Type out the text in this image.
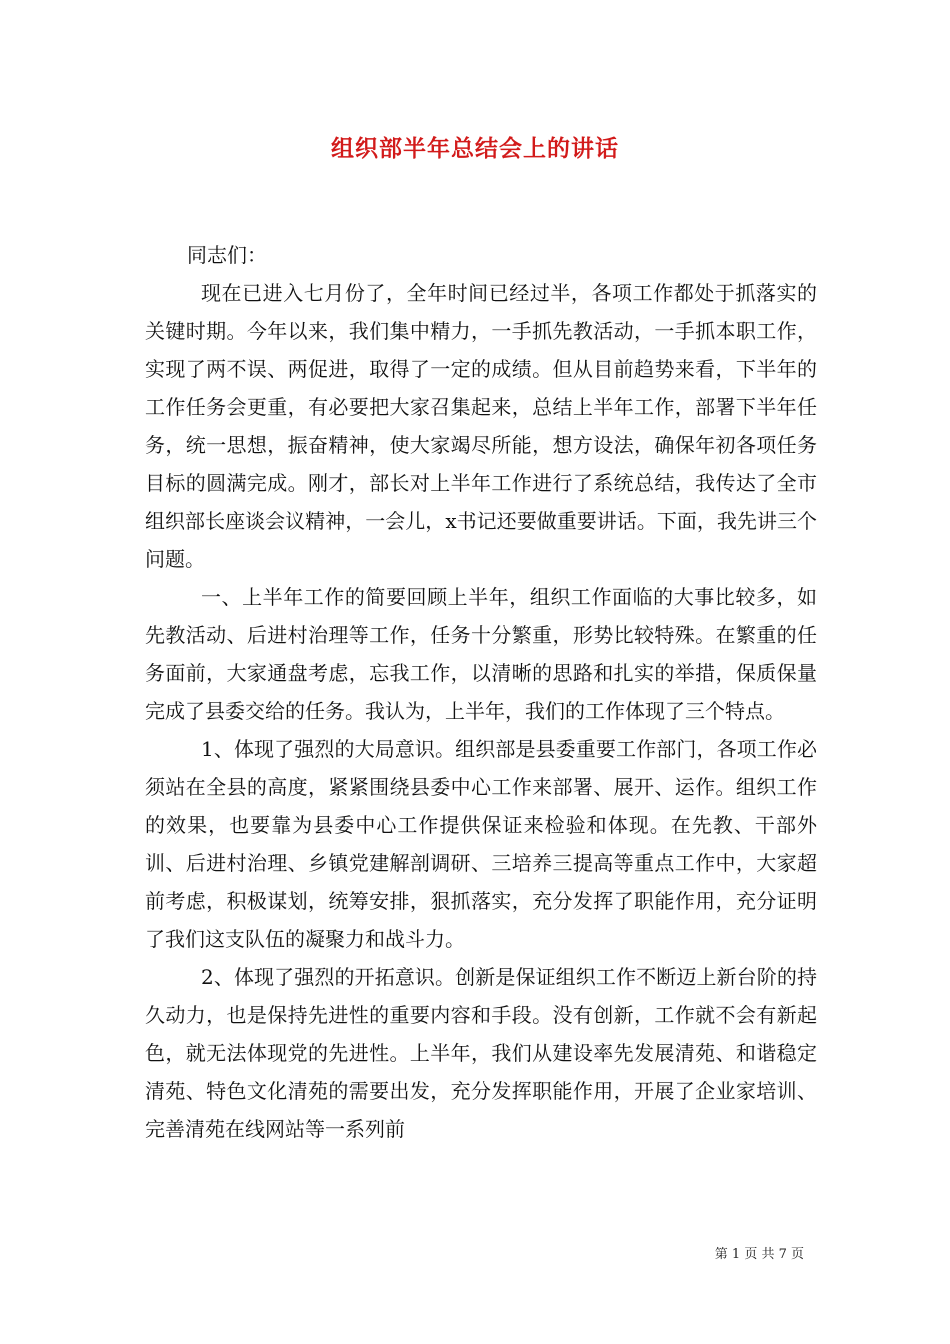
组织部半年总结会上的讲话

同志们：

现在已进入七月份了，全年时间已经过半，各项工作都处于抓落实的关键时期。今年以来，我们集中精力，一手抓先教活动，一手抓本职工作，实现了两不误、两促进，取得了一定的成绩。但从目前趋势来看，下半年的工作任务会更重，有必要把大家召集起来，总结上半年工作，部署下半年任务，统一思想，振奋精神，使大家竭尽所能，想方设法，确保年初各项任务目标的圆满完成。刚才，部长对上半年工作进行了系统总结，我传达了全市组织部长座谈会议精神，一会儿，x书记还要做重要讲话。下面，我先讲三个问题。

一、上半年工作的简要回顾上半年，组织工作面临的大事比较多，如先教活动、后进村治理等工作，任务十分繁重，形势比较特殊。在繁重的任务面前，大家通盘考虑，忘我工作，以清晰的思路和扎实的举措，保质保量完成了县委交给的任务。我认为，上半年，我们的工作体现了三个特点。

1、体现了强烈的大局意识。组织部是县委重要工作部门，各项工作必须站在全县的高度，紧紧围绕县委中心工作来部署、展开、运作。组织工作的效果，也要靠为县委中心工作提供保证来检验和体现。在先教、干部外训、后进村治理、乡镇党建解剖调研、三培养三提高等重点工作中，大家超前考虑，积极谋划，统筹安排，狠抓落实，充分发挥了职能作用，充分证明了我们这支队伍的凝聚力和战斗力。

2、体现了强烈的开拓意识。创新是保证组织工作不断迈上新台阶的持久动力，也是保持先进性的重要内容和手段。没有创新，工作就不会有新起色，就无法体现党的先进性。上半年，我们从建设率先发展清苑、和谐稳定清苑、特色文化清苑的需要出发，充分发挥职能作用，开展了企业家培训、完善清苑在线网站等一系列前

第 1 页 共 7 页
